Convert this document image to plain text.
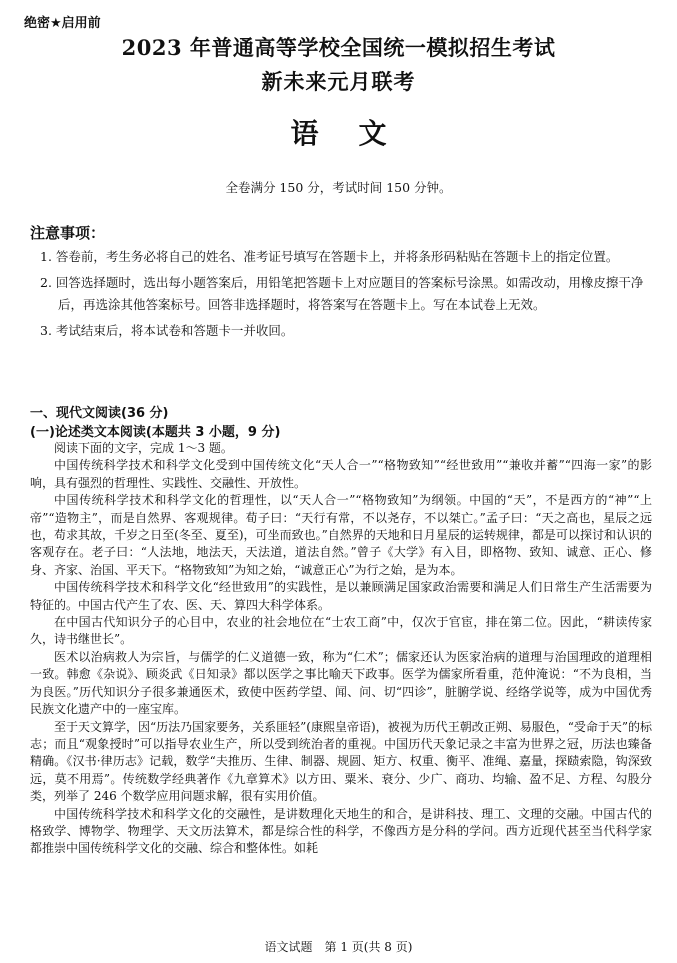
绝密★启用前
2023 年普通高等学校全国统一模拟招生考试
新未来元月联考
语文
全卷满分 150 分，考试时间 150 分钟。
注意事项：

1. 答卷前，考生务必将自己的姓名、准考证号填写在答题卡上，并将条形码粘贴在答题卡上的指定位置。

2. 回答选择题时，选出每小题答案后，用铅笔把答题卡上对应题目的答案标号涂黑。如需改动，用橡皮擦干净后，再选涂其他答案标号。回答非选择题时，将答案写在答题卡上。写在本试卷上无效。

3. 考试结束后，将本试卷和答题卡一并收回。

一、现代文阅读(36 分)
(一)论述类文本阅读(本题共 3 小题，9 分)

阅读下面的文字，完成 1～3 题。

中国传统科学技术和科学文化受到中国传统文化“天人合一”“格物致知”“经世致用”“兼收并蓄”“四海一家”的影响，具有强烈的哲理性、实践性、交融性、开放性。

中国传统科学技术和科学文化的哲理性，以“天人合一”“格物致知”为纲领。中国的“天”，不是西方的“神”“上帝”“造物主”，而是自然界、客观规律。荀子曰：“天行有常，不以尧存，不以桀亡。”孟子曰：“天之高也，星辰之远也，苟求其故，千岁之日至(冬至、夏至)，可坐而致也。”自然界的天地和日月星辰的运转规律，都是可以探讨和认识的客观存在。老子曰：“人法地，地法天，天法道，道法自然。”曾子《大学》有入目，即格物、致知、诚意、正心、修身、齐家、治国、平天下。“格物致知”为知之始，“诚意正心”为行之始，是为本。

中国传统科学技术和科学文化“经世致用”的实践性，是以兼顾满足国家政治需要和满足人们日常生产生活需要为特征的。中国古代产生了农、医、天、算四大科学体系。

在中国古代知识分子的心目中，农业的社会地位在“士农工商”中，仅次于官宦，排在第二位。因此，“耕读传家久，诗书继世长”。

医术以治病救人为宗旨，与儒学的仁义道德一致，称为“仁术”；儒家还认为医家治病的道理与治国理政的道理相一致。韩愈《杂说》、顾炎武《日知录》都以医学之事比喻天下政事。医学为儒家所看重，范仲淹说：“不为良相，当为良医。”历代知识分子很多兼通医术，致使中医药学望、闻、问、切“四诊”，脏腑学说、经络学说等，成为中国优秀民族文化遗产中的一座宝库。

至于天文算学，因“历法乃国家要务，关系匪轻”(康熙皇帝语)，被视为历代王朝改正朔、易服色，“受命于天”的标志；而且“观象授时”可以指导农业生产，所以受到统治者的重视。中国历代天象记录之丰富为世界之冠，历法也臻备精确。《汉书·律历志》记载，数学“夫推历、生律、制器、规圆、矩方、权重、衡平、准绳、嘉量，探赜索隐，钩深致远，莫不用焉”。传统数学经典著作《九章算术》以方田、粟米、衰分、少广、商功、均输、盈不足、方程、勾股分类，列举了 246 个数学应用问题求解，很有实用价值。

中国传统科学技术和科学文化的交融性，是讲数理化天地生的和合，是讲科技、理工、文理的交融。中国古代的格致学、博物学、物理学、天文历法算术，都是综合性的科学，不像西方是分科的学问。西方近现代甚至当代科学家都推崇中国传统科学文化的交融、综合和整体性。如耗

语文试题　第 1 页(共 8 页)
